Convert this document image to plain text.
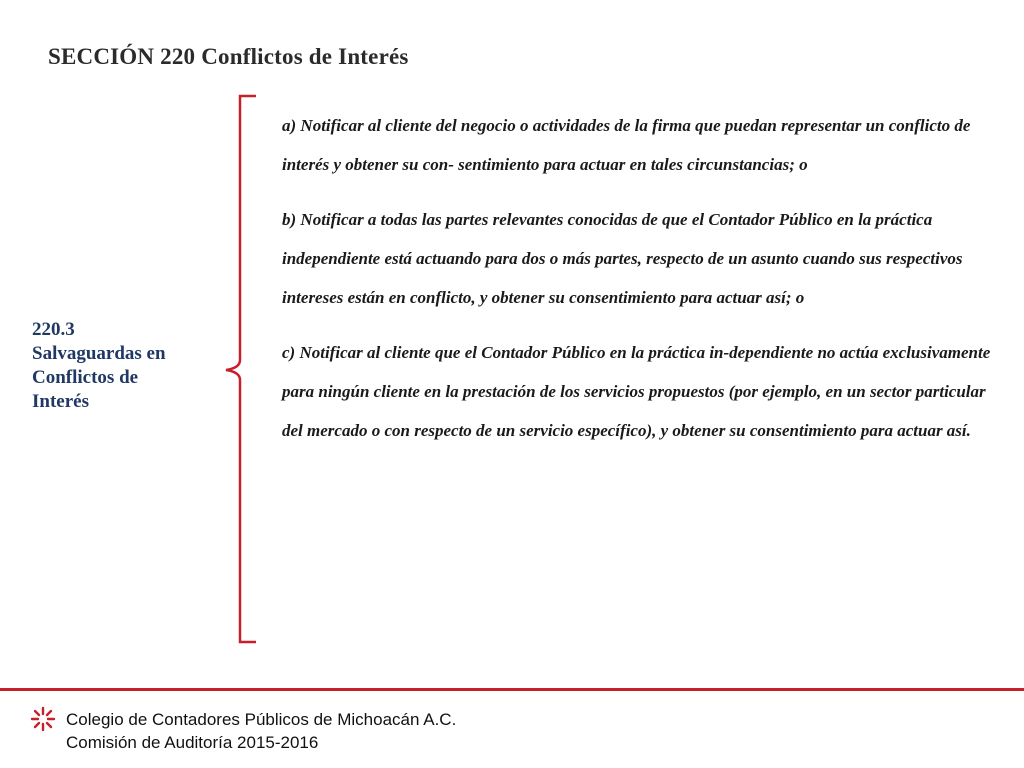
SECCIÓN 220 Conflictos de Interés
220.3
Salvaguardas en
Conflictos de
Interés

a) Notificar al cliente del negocio o actividades de la firma que puedan representar un conflicto de interés y obtener su con- sentimiento para actuar en tales circunstancias; o

b) Notificar a todas las partes relevantes conocidas de que el Contador Público en la práctica independiente está actuando para dos o más partes, respecto de un asunto cuando sus respectivos intereses están en conflicto, y obtener su consentimiento para actuar así; o

c) Notificar al cliente que el Contador Público en la práctica in-dependiente no actúa exclusivamente para ningún cliente en la prestación de los servicios propuestos (por ejemplo, en un sector particular del mercado o con respecto de un servicio específico), y obtener su consentimiento para actuar así.

Colegio de Contadores Públicos de Michoacán A.C.
Comisión de Auditoría 2015-2016
